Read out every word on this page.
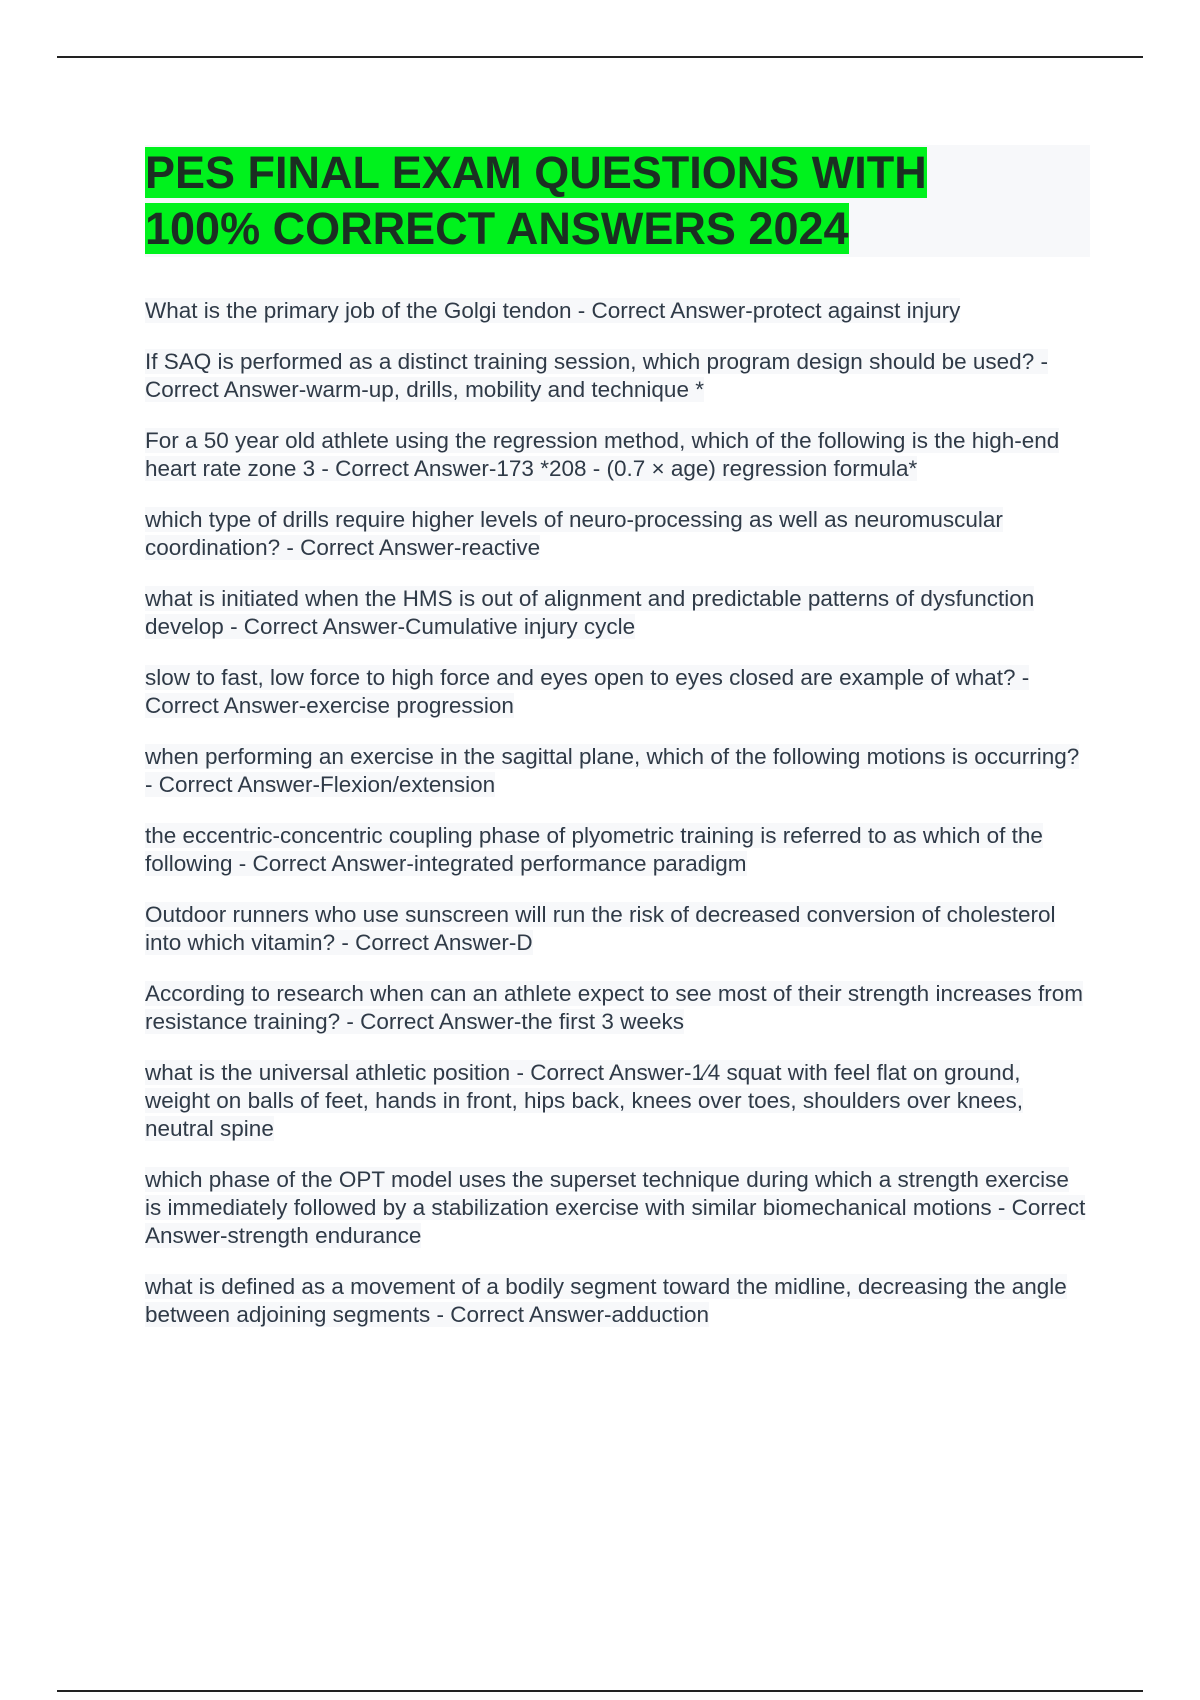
PES FINAL EXAM QUESTIONS WITH
100% CORRECT ANSWERS 2024

What is the primary job of the Golgi tendon - Correct Answer-protect against injury

If SAQ is performed as a distinct training session, which program design should be used? - Correct Answer-warm-up, drills, mobility and technique *

For a 50 year old athlete using the regression method, which of the following is the high-end heart rate zone 3 - Correct Answer-173 *208 - (0.7 × age) regression formula*

which type of drills require higher levels of neuro-processing as well as neuromuscular coordination? - Correct Answer-reactive

what is initiated when the HMS is out of alignment and predictable patterns of dysfunction develop - Correct Answer-Cumulative injury cycle

slow to fast, low force to high force and eyes open to eyes closed are example of what? - Correct Answer-exercise progression

when performing an exercise in the sagittal plane, which of the following motions is occurring? - Correct Answer-Flexion/extension

the eccentric-concentric coupling phase of plyometric training is referred to as which of the following - Correct Answer-integrated performance paradigm

Outdoor runners who use sunscreen will run the risk of decreased conversion of cholesterol into which vitamin? - Correct Answer-D

According to research when can an athlete expect to see most of their strength increases from resistance training? - Correct Answer-the first 3 weeks

what is the universal athletic position - Correct Answer-1⁄4 squat with feel flat on ground, weight on balls of feet, hands in front, hips back, knees over toes, shoulders over knees, neutral spine

which phase of the OPT model uses the superset technique during which a strength exercise is immediately followed by a stabilization exercise with similar biomechanical motions - Correct Answer-strength endurance

what is defined as a movement of a bodily segment toward the midline, decreasing the angle between adjoining segments - Correct Answer-adduction
